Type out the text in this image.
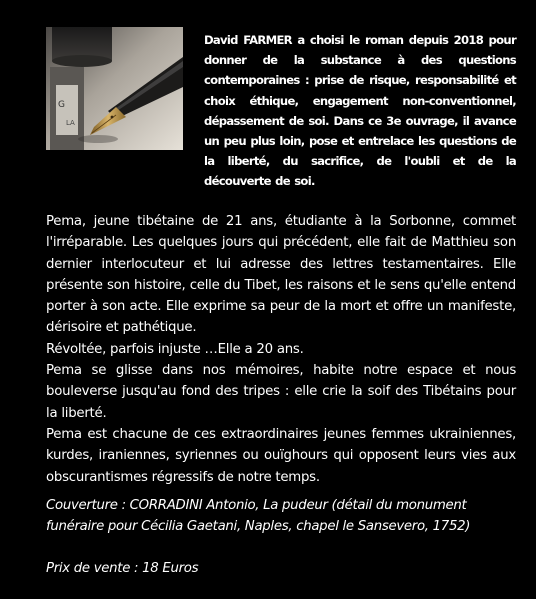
G
LA

David FARMER a choisi le roman depuis 2018 pour donner de la substance à des questions contemporaines : prise de risque, responsabilité et choix éthique, engagement non-conventionnel, dépassement de soi. Dans ce 3e ouvrage, il avance un peu plus loin, pose et entrelace les questions de la liberté, du sacrifice, de l'oubli et de la découverte de soi.

Pema, jeune tibétaine de 21 ans, étudiante à la Sorbonne, commet l'irréparable. Les quelques jours qui précédent, elle fait de Matthieu son dernier interlocuteur et lui adresse des lettres testamentaires. Elle présente son histoire, celle du Tibet, les raisons et le sens qu'elle entend porter à son acte. Elle exprime sa peur de la mort et offre un manifeste, dérisoire et pathétique.

Révoltée, parfois injuste …Elle a 20 ans.

Pema se glisse dans nos mémoires, habite notre espace et nous bouleverse jusqu'au fond des tripes : elle crie la soif des Tibétains pour la liberté.

Pema est chacune de ces extraordinaires jeunes femmes ukrainiennes, kurdes, iraniennes, syriennes ou ouïghours qui opposent leurs vies aux obscurantismes régressifs de notre temps.

Couverture : CORRADINI Antonio, La pudeur (détail du monument funéraire pour Cécilia Gaetani, Naples, chapel le Sansevero, 1752)

Prix de vente : 18 Euros
